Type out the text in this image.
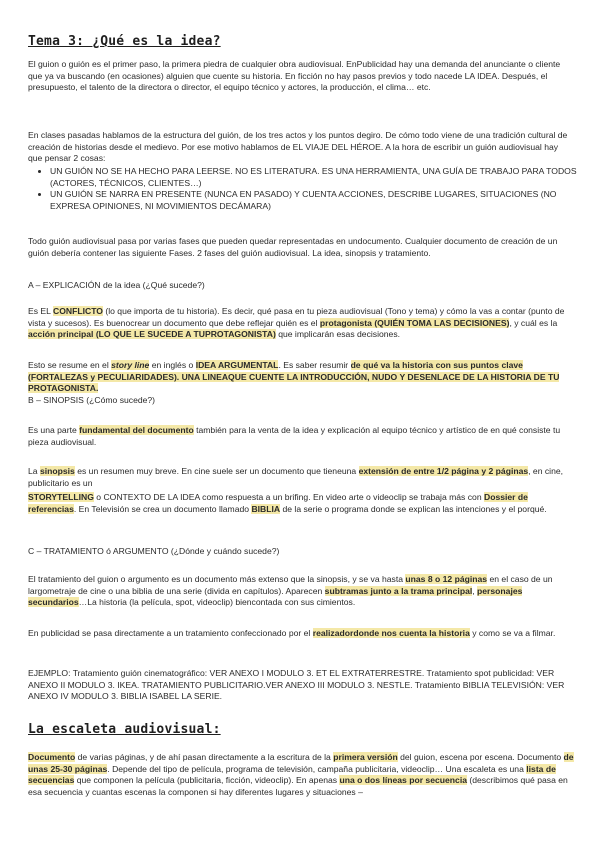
Tema 3: ¿Qué es la idea?

El guion o guión es el primer paso, la primera piedra de cualquier obra audiovisual. EnPublicidad hay una demanda del anunciante o cliente que ya va buscando (en ocasiones) alguien que cuente su historia. En ficción no hay pasos previos y todo nacede LA IDEA. Después, el presupuesto, el talento de la directora o director, el equipo técnico y actores, la producción, el clima… etc.

En clases pasadas hablamos de la estructura del guión, de los tres actos y los puntos degiro. De cómo todo viene de una tradición cultural de creación de historias desde el medievo. Por ese motivo hablamos de EL VIAJE DEL HÉROE. A la hora de escribir un guión audiovisual hay que pensar 2 cosas:

• UN GUIÓN NO SE HA HECHO PARA LEERSE. NO ES LITERATURA. ES UNA HERRAMIENTA, UNA GUÍA DE TRABAJO PARA TODOS (ACTORES, TÉCNICOS, CLIENTES…)
• UN GUIÓN SE NARRA EN PRESENTE (NUNCA EN PASADO) Y CUENTA ACCIONES, DESCRIBE LUGARES, SITUACIONES (NO EXPRESA OPINIONES, NI MOVIMIENTOS DECÁMARA)

Todo guión audiovisual pasa por varias fases que pueden quedar representadas en undocumento. Cualquier documento de creación de un guión debería contener las siguiente Fases. 2 fases del guión audiovisual. La idea, sinopsis y tratamiento.

A – EXPLICACIÓN de la idea (¿Qué sucede?)

Es EL CONFLICTO (lo que importa de tu historia). Es decir, qué pasa en tu pieza audiovisual (Tono y tema) y cómo la vas a contar (punto de vista y sucesos). Es buenocrear un documento que debe reflejar quién es el protagonista (QUIÉN TOMA LAS DECISIONES), y cuál es la acción principal (LO QUE LE SUCEDE A TUPROTAGONISTA) que implicarán esas decisiones.

Esto se resume en el story line en inglés o IDEA ARGUMENTAL. Es saber resumir de qué va la historia con sus puntos clave (FORTALEZAS y PECULIARIDADES). UNA LINEAQUE CUENTE LA INTRODUCCIÓN, NUDO Y DESENLACE DE LA HISTORIA DE TU PROTAGONISTA.

B – SINOPSIS (¿Cómo sucede?)

Es una parte fundamental del documento también para la venta de la idea y explicación al equipo técnico y artístico de en qué consiste tu pieza audiovisual.

La sinopsis es un resumen muy breve. En cine suele ser un documento que tieneuna extensión de entre 1/2 página y 2 páginas, en cine, publicitario es un

STORYTELLING o CONTEXTO DE LA IDEA como respuesta a un brifing. En video arte o videoclip se trabaja más con Dossier de referencias. En Televisión se crea un documento llamado BIBLIA de la serie o programa donde se explican las intenciones y el porqué.

C – TRATAMIENTO ó ARGUMENTO (¿Dónde y cuándo sucede?)

El tratamiento del guion o argumento es un documento más extenso que la sinopsis, y se va hasta unas 8 o 12 páginas en el caso de un largometraje de cine o una biblia de una serie (divida en capítulos). Aparecen subtramas junto a la trama principal, personajes secundarios…La historia (la película, spot, videoclip) biencontada con sus cimientos.

En publicidad se pasa directamente a un tratamiento confeccionado por el realizadordonde nos cuenta la historia y como se va a filmar.

EJEMPLO: Tratamiento guión cinematográfico: VER ANEXO I MODULO 3. ET EL EXTRATERRESTRE. Tratamiento spot publicidad: VER ANEXO II MODULO 3. IKEA. TRATAMIENTO PUBLICITARIO.VER ANEXO III MODULO 3. NESTLE. Tratamiento BIBLIA TELEVISIÓN: VER ANEXO IV MODULO 3. BIBLIA ISABEL LA SERIE.

La escaleta audiovisual:

Documento de varias páginas, y de ahí pasan directamente a la escritura de la primera versión del guion, escena por escena. Documento de unas 25-30 páginas. Depende del tipo de película, programa de televisión, campaña publicitaria, videoclip… Una escaleta es una lista de secuencias que componen la película (publicitaria, ficción, videoclip). En apenas una o dos líneas por secuencia (describimos qué pasa en esa secuencia y cuantas escenas la componen si hay diferentes lugares y situaciones –
